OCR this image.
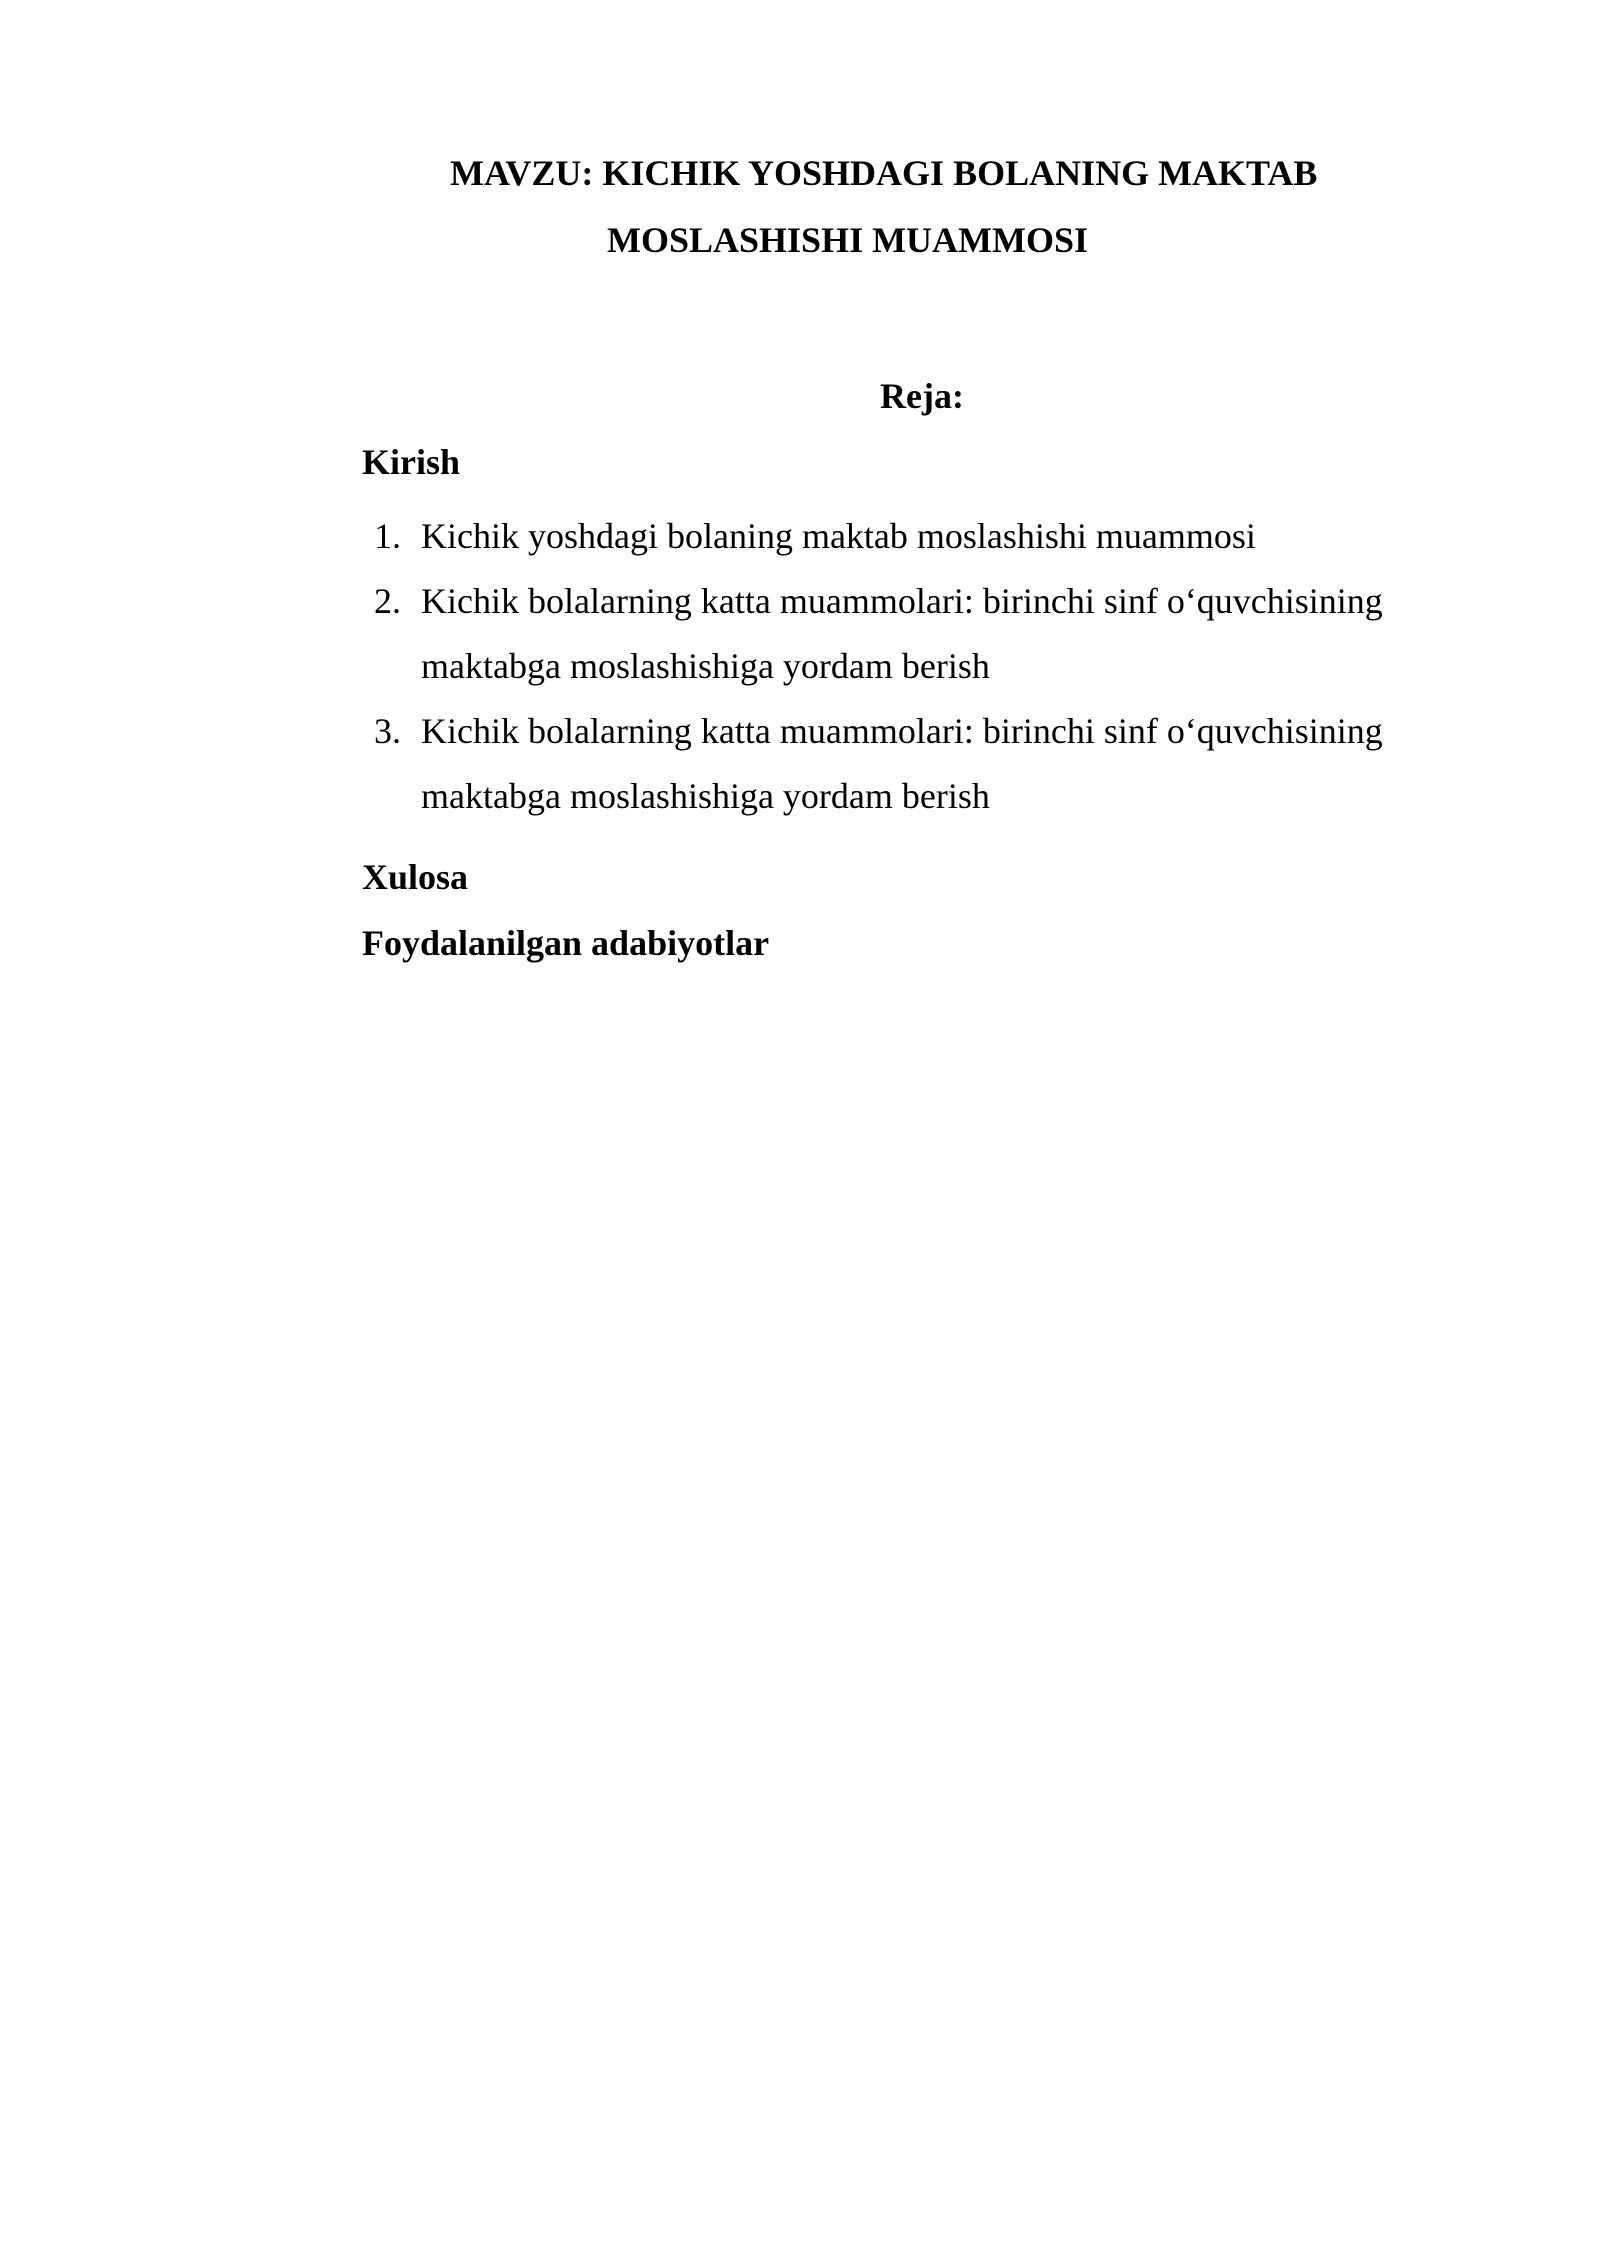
MAVZU: KICHIK YOSHDAGI BOLANING MAKTAB
MOSLASHISHI MUAMMOSI
Reja:
Kirish
1. Kichik yoshdagi bolaning maktab moslashishi muammosi
2. Kichik bolalarning katta muammolari: birinchi sinf o‘quvchisining
maktabga moslashishiga yordam berish
3. Kichik bolalarning katta muammolari: birinchi sinf o‘quvchisining
maktabga moslashishiga yordam berish
Xulosa
Foydalanilgan adabiyotlar
